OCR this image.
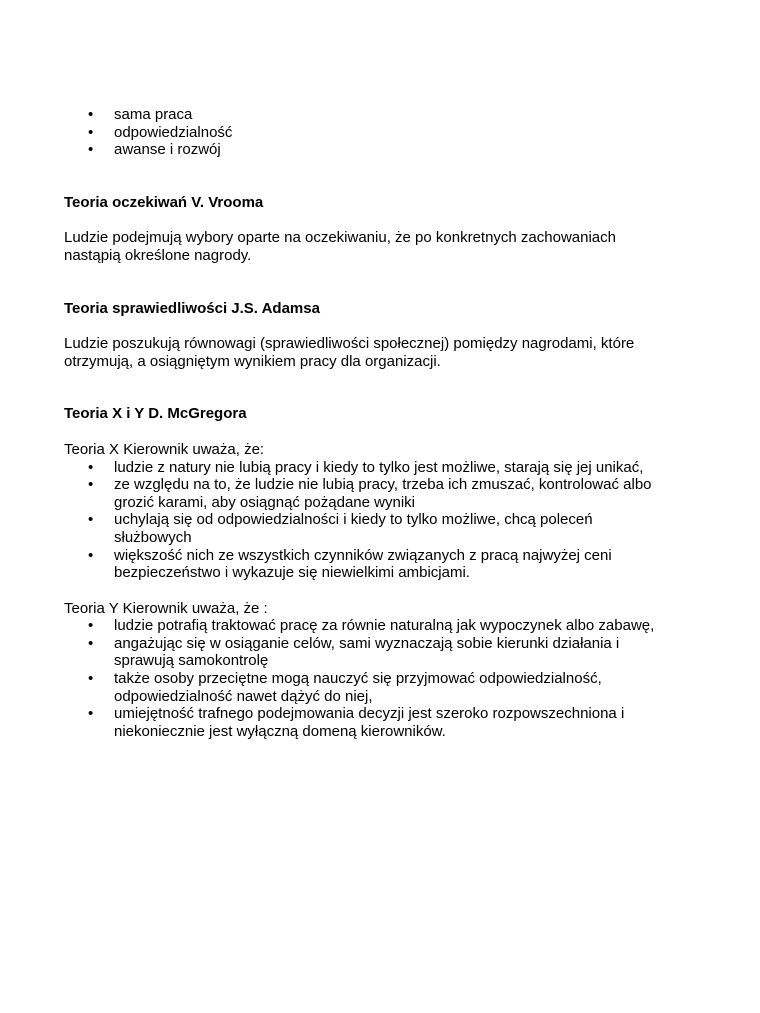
• sama praca
• odpowiedzialność
• awanse i rozwój

Teoria oczekiwań V. Vrooma

Ludzie podejmują wybory oparte na oczekiwaniu, że po konkretnych zachowaniach nastąpią określone nagrody.

Teoria sprawiedliwości J.S. Adamsa

Ludzie poszukują równowagi (sprawiedliwości społecznej) pomiędzy nagrodami, które otrzymują, a osiągniętym wynikiem pracy dla organizacji.

Teoria X i Y D. McGregora

Teoria X Kierownik uważa, że:

• ludzie z natury nie lubią pracy i kiedy to tylko jest możliwe, starają się jej unikać,
• ze względu na to, że ludzie nie lubią pracy, trzeba ich zmuszać, kontrolować albo grozić karami, aby osiągnąć pożądane wyniki
• uchylają się od odpowiedzialności i kiedy to tylko możliwe, chcą poleceń służbowych
• większość nich ze wszystkich czynników związanych z pracą najwyżej ceni bezpieczeństwo i wykazuje się niewielkimi ambicjami.

Teoria Y Kierownik uważa, że :

• ludzie potrafią traktować pracę za równie naturalną jak wypoczynek albo zabawę,
• angażując się w osiąganie celów, sami wyznaczają sobie kierunki działania i sprawują samokontrolę
• także osoby przeciętne mogą nauczyć się przyjmować odpowiedzialność, odpowiedzialność nawet dążyć do niej,
• umiejętność trafnego podejmowania decyzji jest szeroko rozpowszechniona i niekoniecznie jest wyłączną domeną kierowników.
